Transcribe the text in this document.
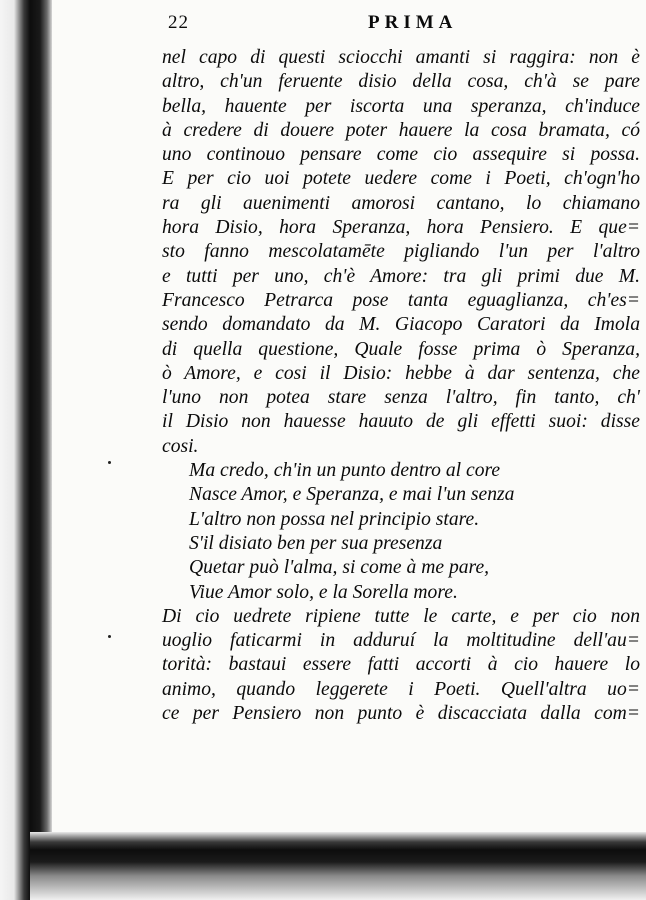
22	PRIMA
nel capo di questi sciocchi amanti si raggira: non è
altro, ch'un feruente disio della cosa, ch'à se pare
bella, hauente per iscorta una speranza, ch'induce
à credere di douere poter hauere la cosa bramata, có
uno continouo pensare come cio assequire si possa.
E per cio uoi potete uedere come i Poeti, ch'ogn'ho
ra gli auenimenti amorosi cantano, lo chiamano
hora Disio, hora Speranza, hora Pensiero. E que=
sto fanno mescolatamēte pigliando l'un per l'altro
e tutti per uno, ch'è Amore: tra gli primi due M.
Francesco Petrarca pose tanta eguaglianza, ch'es=
sendo domandato da M. Giacopo Caratori da Imola
di quella questione, Quale fosse prima ò Speranza,
ò Amore, e cosi il Disio: hebbe à dar sentenza, che
l'uno non potea stare senza l'altro, fin tanto, ch'
il Disio non hauesse hauuto de gli effetti suoi: disse
cosi.
Ma credo, ch'in un punto dentro al core
Nasce Amor, e Speranza, e mai l'un senza
L'altro non possa nel principio stare.
S'il disiato ben per sua presenza
Quetar può l'alma, si come à me pare,
Viue Amor solo, e la Sorella more.
Di cio uedrete ripiene tutte le carte, e per cio non
uoglio faticarmi in adduruí la moltitudine dell'au=
torità: bastaui essere fatti accorti à cio hauere lo
animo, quando leggerete i Poeti. Quell'altra uo=
ce per Pensiero non punto è discacciata dalla com=
